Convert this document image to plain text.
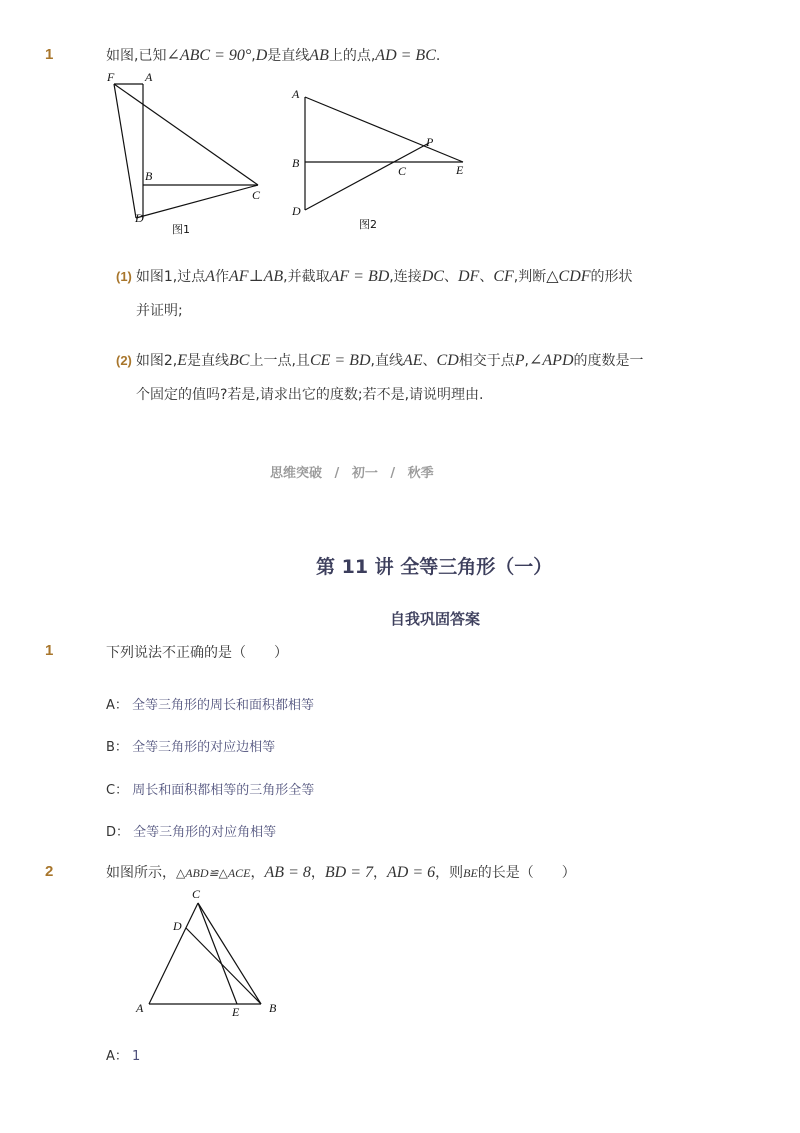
1	如图,已知∠ABC = 90°,D是直线AB上的点,AD = BC.
F	A
B
C
D
图1
A
B
C
D
E
P
图2
(1) 如图1,过点A作AF⊥AB,并截取AF = BD,连接DC、DF、CF,判断△CDF的形状
并证明;
(2) 如图2,E是直线BC上一点,且CE = BD,直线AE、CD相交于点P,∠APD的度数是一
个固定的值吗?若是,请求出它的度数;若不是,请说明理由.
思维突破 / 初一 / 秋季
第 11 讲 全等三角形（一）
自我巩固答案
1	下列说法不正确的是（　　）
A： 全等三角形的周长和面积都相等
B： 全等三角形的对应边相等
C： 周长和面积都相等的三角形全等
D： 全等三角形的对应角相等
2	如图所示，△ABD≌△ACE，AB = 8，BD = 7，AD = 6，则BE的长是（　　）
C
D
A	E B
A： 1
